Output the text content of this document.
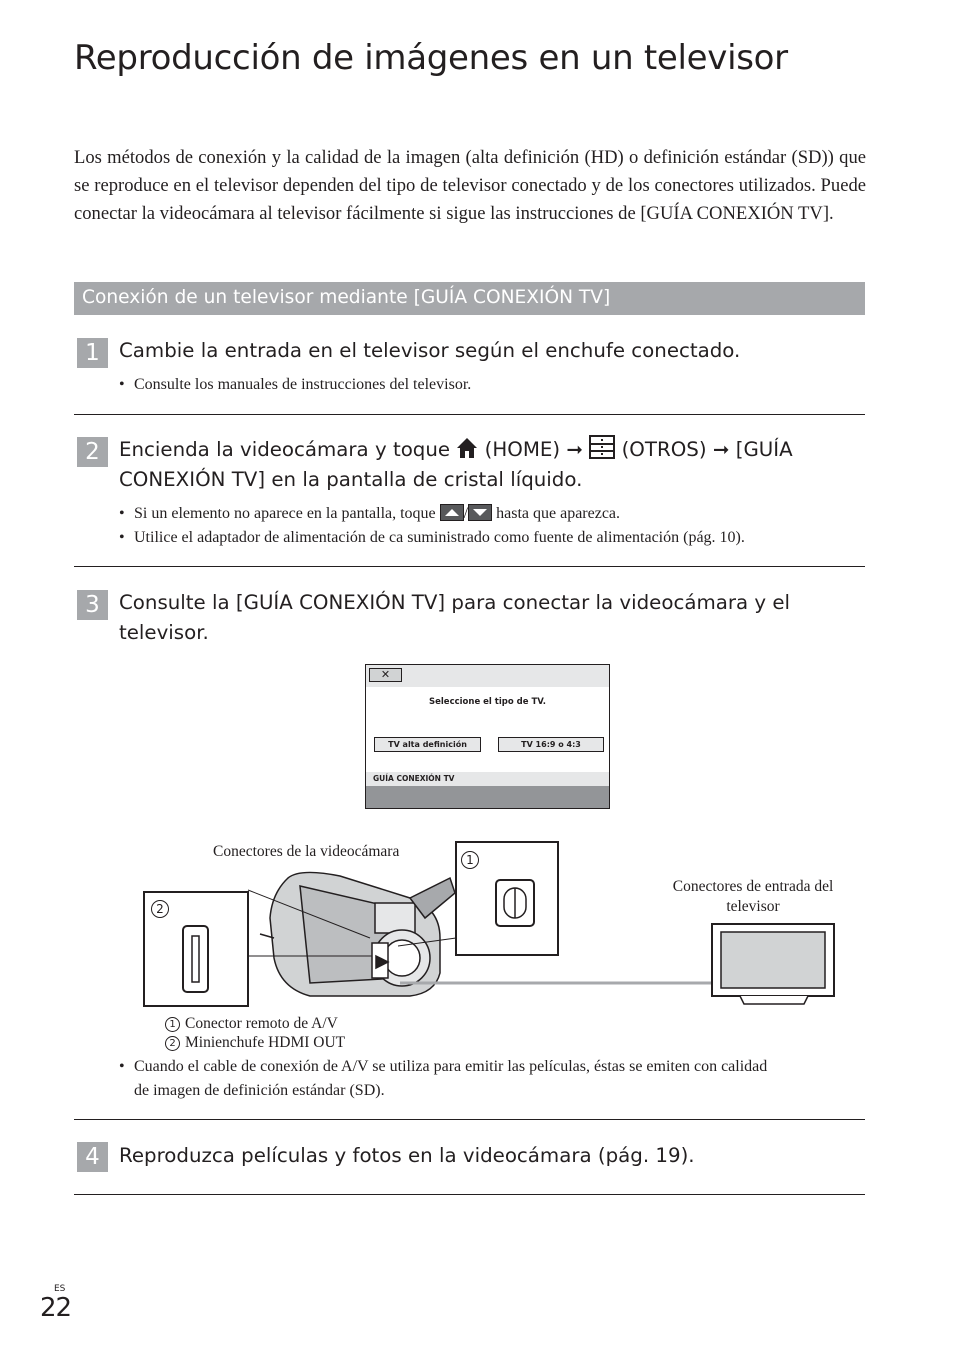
Reproducción de imágenes en un televisor
Los métodos de conexión y la calidad de la imagen (alta definición (HD) o definición estándar (SD)) que se reproduce en el televisor dependen del tipo de televisor conectado y de los conectores utilizados. Puede conectar la videocámara al televisor fácilmente si sigue las instrucciones de [GUÍA CONEXIÓN TV].
Conexión de un televisor mediante [GUÍA CONEXIÓN TV]
1 Cambie la entrada en el televisor según el enchufe conectado.
• Consulte los manuales de instrucciones del televisor.
2 Encienda la videocámara y toque (HOME) ➞ (OTROS) ➞ [GUÍA
CONEXIÓN TV] en la pantalla de cristal líquido.
• Si un elemento no aparece en la pantalla, toque / hasta que aparezca.
• Utilice el adaptador de alimentación de ca suministrado como fuente de alimentación (pág. 10).
3 Consulte la [GUÍA CONEXIÓN TV] para conectar la videocámara y el
televisor.
✕
Seleccione el tipo de TV.
TV alta definición	TV 16:9 o 4:3
GUÍA CONEXIÓN TV
2
1
Conectores de la videocámara
Conectores de entrada del
televisor
1 Conector remoto de A/V
2 Minienchufe HDMI OUT
• Cuando el cable de conexión de A/V se utiliza para emitir las películas, éstas se emiten con calidad
de imagen de definición estándar (SD).
4 Reproduzca películas y fotos en la videocámara (pág. 19).
ES
22
